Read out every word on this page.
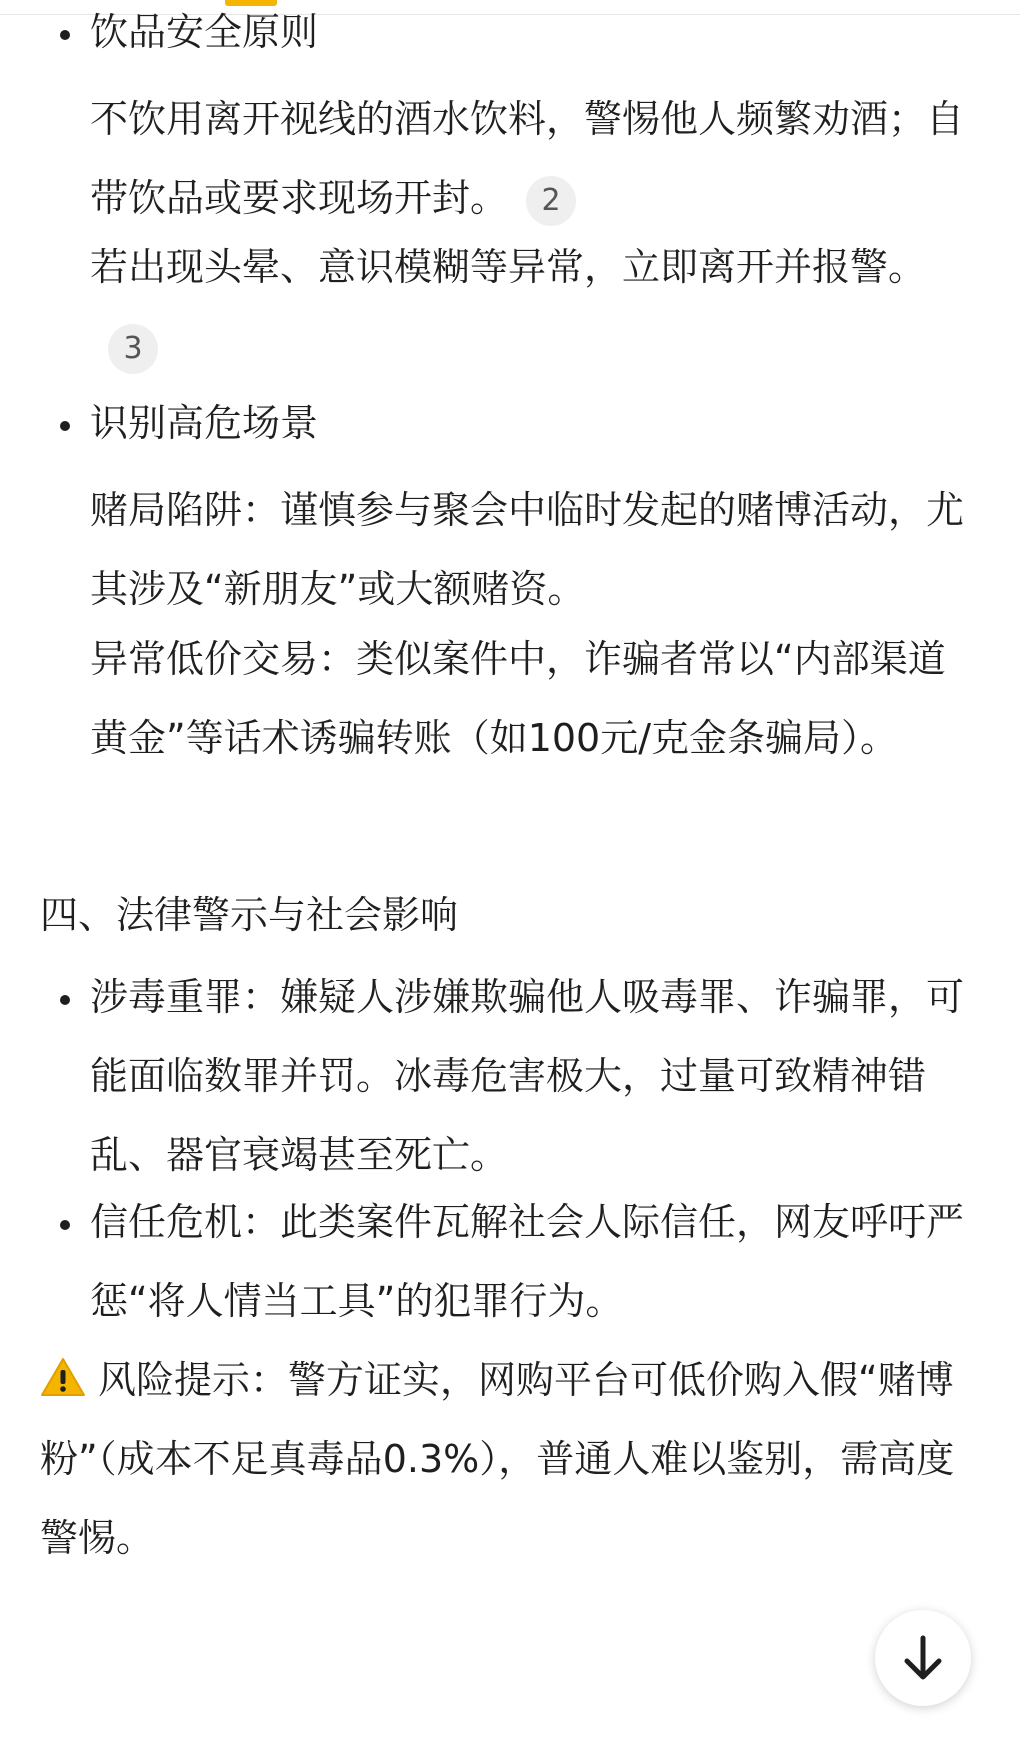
饮品安全原则

不饮用离开视线的酒水饮料，警惕他人频繁劝酒；自带饮品或要求现场开封。 2

若出现头晕、意识模糊等异常，立即离开并报警。3

识别高危场景

赌局陷阱：谨慎参与聚会中临时发起的赌博活动，尤其涉及“新朋友”或大额赌资。

异常低价交易：类似案件中，诈骗者常以“内部渠道黄金”等话术诱骗转账（如100元/克金条骗局）。

四、法律警示与社会影响

涉毒重罪：嫌疑人涉嫌欺骗他人吸毒罪、诈骗罪，可能面临数罪并罚。冰毒危害极大，过量可致精神错乱、器官衰竭甚至死亡。

信任危机：此类案件瓦解社会人际信任，网友呼吁严惩“将人情当工具”的犯罪行为。

风险提示：警方证实，网购平台可低价购入假“赌博粉”（成本不足真毒品0.3%），普通人难以鉴别，需高度警惕。
